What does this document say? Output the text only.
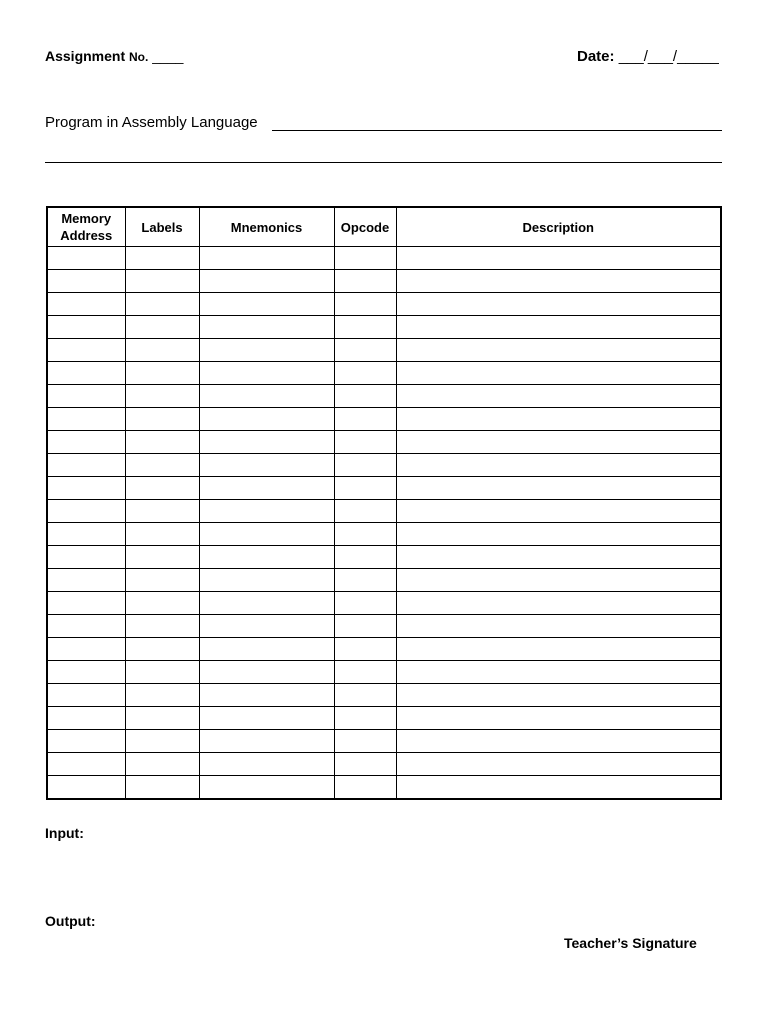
Assignment No. ____	Date: ___/___/_____
Program in Assembly Language
Memory Address	Labels	Mnemonics	Opcode	Description

Input:
Output:
Teacher’s Signature
